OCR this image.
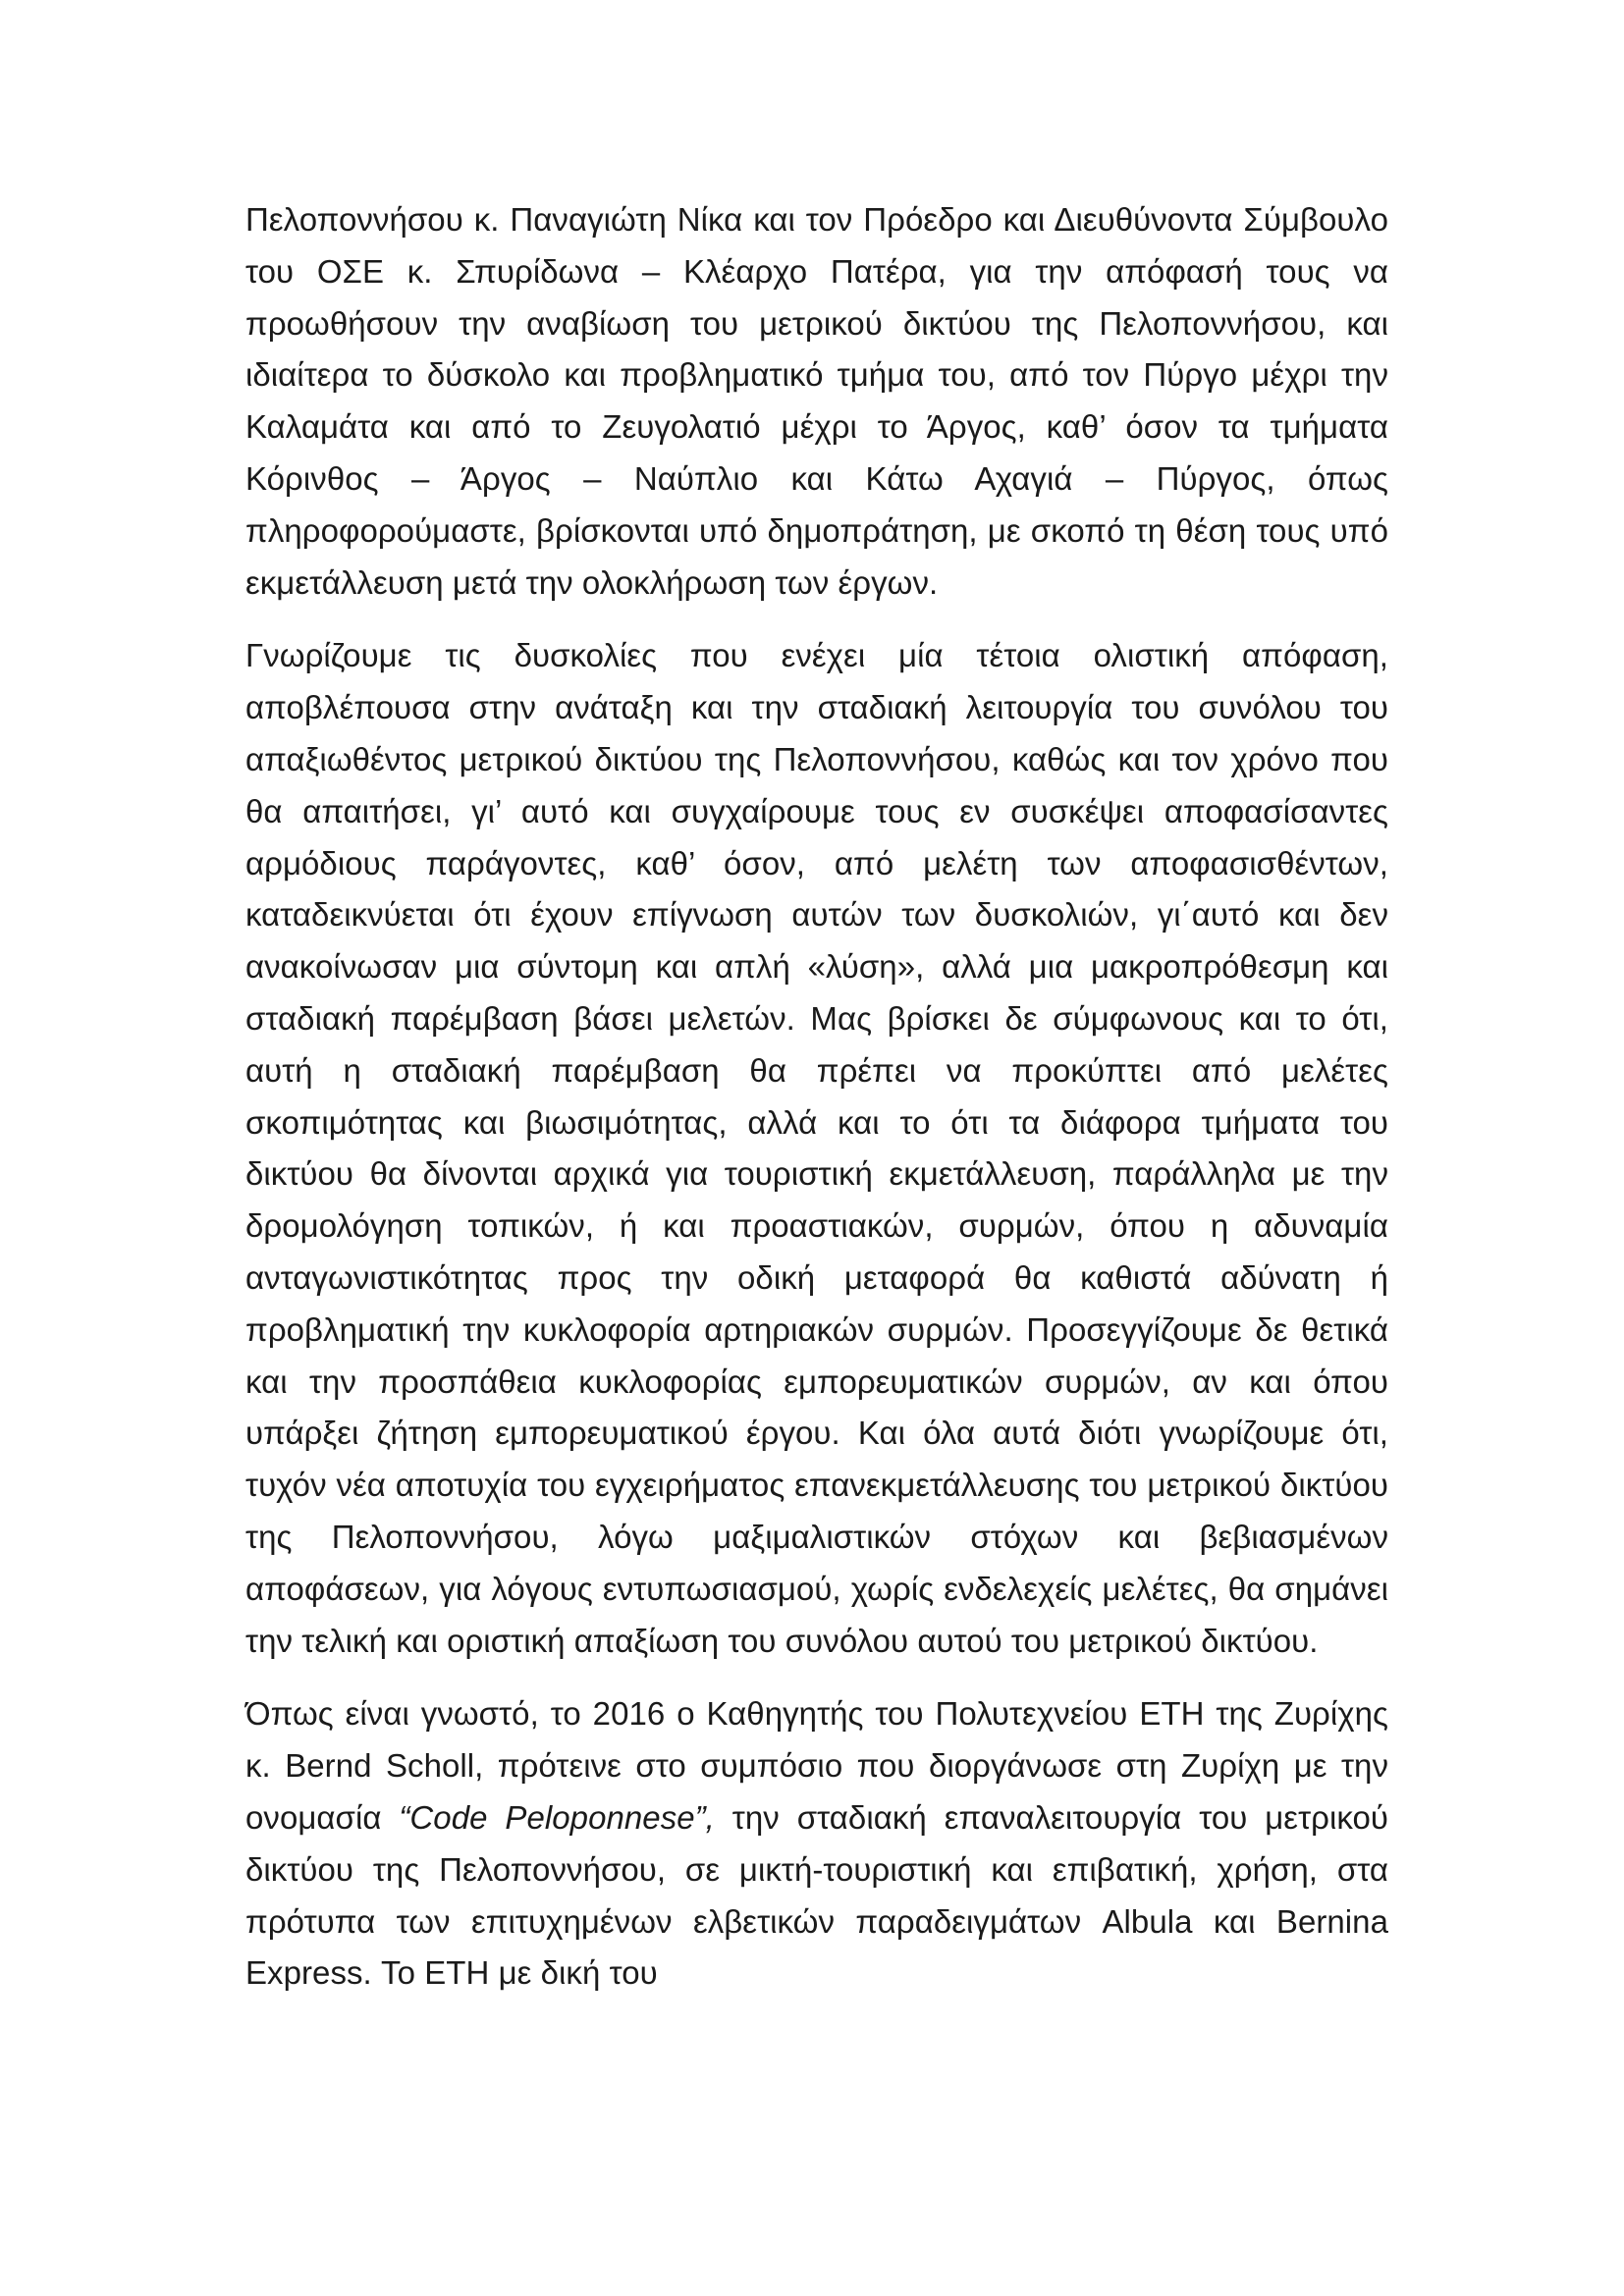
Πελοποννήσου κ. Παναγιώτη Νίκα και τον Πρόεδρο και Διευθύνοντα Σύμβουλο του ΟΣΕ κ. Σπυρίδωνα – Κλέαρχο Πατέρα, για την απόφασή τους να προωθήσουν την αναβίωση του μετρικού δικτύου της Πελοποννήσου, και ιδιαίτερα το δύσκολο και προβληματικό τμήμα του, από τον Πύργο μέχρι την Καλαμάτα και από το Ζευγολατιό μέχρι το Άργος, καθ’ όσον τα τμήματα Κόρινθος – Άργος – Ναύπλιο και Κάτω Αχαγιά – Πύργος, όπως πληροφορούμαστε, βρίσκονται υπό δημοπράτηση, με σκοπό τη θέση τους υπό εκμετάλλευση μετά την ολοκλήρωση των έργων.

Γνωρίζουμε τις δυσκολίες που ενέχει μία τέτοια ολιστική απόφαση, αποβλέπουσα στην ανάταξη και την σταδιακή λειτουργία του συνόλου του απαξιωθέντος μετρικού δικτύου της Πελοποννήσου, καθώς και τον χρόνο που θα απαιτήσει, γι’ αυτό και συγχαίρουμε τους εν συσκέψει αποφασίσαντες αρμόδιους παράγοντες, καθ’ όσον, από μελέτη των αποφασισθέντων, καταδεικνύεται ότι έχουν επίγνωση αυτών των δυσκολιών, γι΄αυτό και δεν ανακοίνωσαν μια σύντομη και απλή «λύση», αλλά μια μακροπρόθεσμη και σταδιακή παρέμβαση βάσει μελετών. Μας βρίσκει δε σύμφωνους και το ότι, αυτή η σταδιακή παρέμβαση θα πρέπει να προκύπτει από μελέτες σκοπιμότητας και βιωσιμότητας, αλλά και το ότι τα διάφορα τμήματα του δικτύου θα δίνονται αρχικά για τουριστική εκμετάλλευση, παράλληλα με την δρομολόγηση τοπικών, ή και προαστιακών, συρμών, όπου η αδυναμία ανταγωνιστικότητας προς την οδική μεταφορά θα καθιστά αδύνατη ή προβληματική την κυκλοφορία αρτηριακών συρμών. Προσεγγίζουμε δε θετικά και την προσπάθεια κυκλοφορίας εμπορευματικών συρμών, αν και όπου υπάρξει ζήτηση εμπορευματικού έργου. Και όλα αυτά διότι γνωρίζουμε ότι, τυχόν νέα αποτυχία του εγχειρήματος επανεκμετάλλευσης του μετρικού δικτύου της Πελοποννήσου, λόγω μαξιμαλιστικών στόχων και βεβιασμένων αποφάσεων, για λόγους εντυπωσιασμού, χωρίς ενδελεχείς μελέτες, θα σημάνει την τελική και οριστική απαξίωση του συνόλου αυτού του μετρικού δικτύου.

Όπως είναι γνωστό, το 2016 ο Καθηγητής του Πολυτεχνείου ETH της Ζυρίχης κ. Bernd Scholl, πρότεινε στο συμπόσιο που διοργάνωσε στη Ζυρίχη με την ονομασία “Code Peloponnese”, την σταδιακή επαναλειτουργία του μετρικού δικτύου της Πελοποννήσου, σε μικτή-τουριστική και επιβατική, χρήση, στα πρότυπα των επιτυχημένων ελβετικών παραδειγμάτων Albula και Bernina Express. Το ETH με δική του
